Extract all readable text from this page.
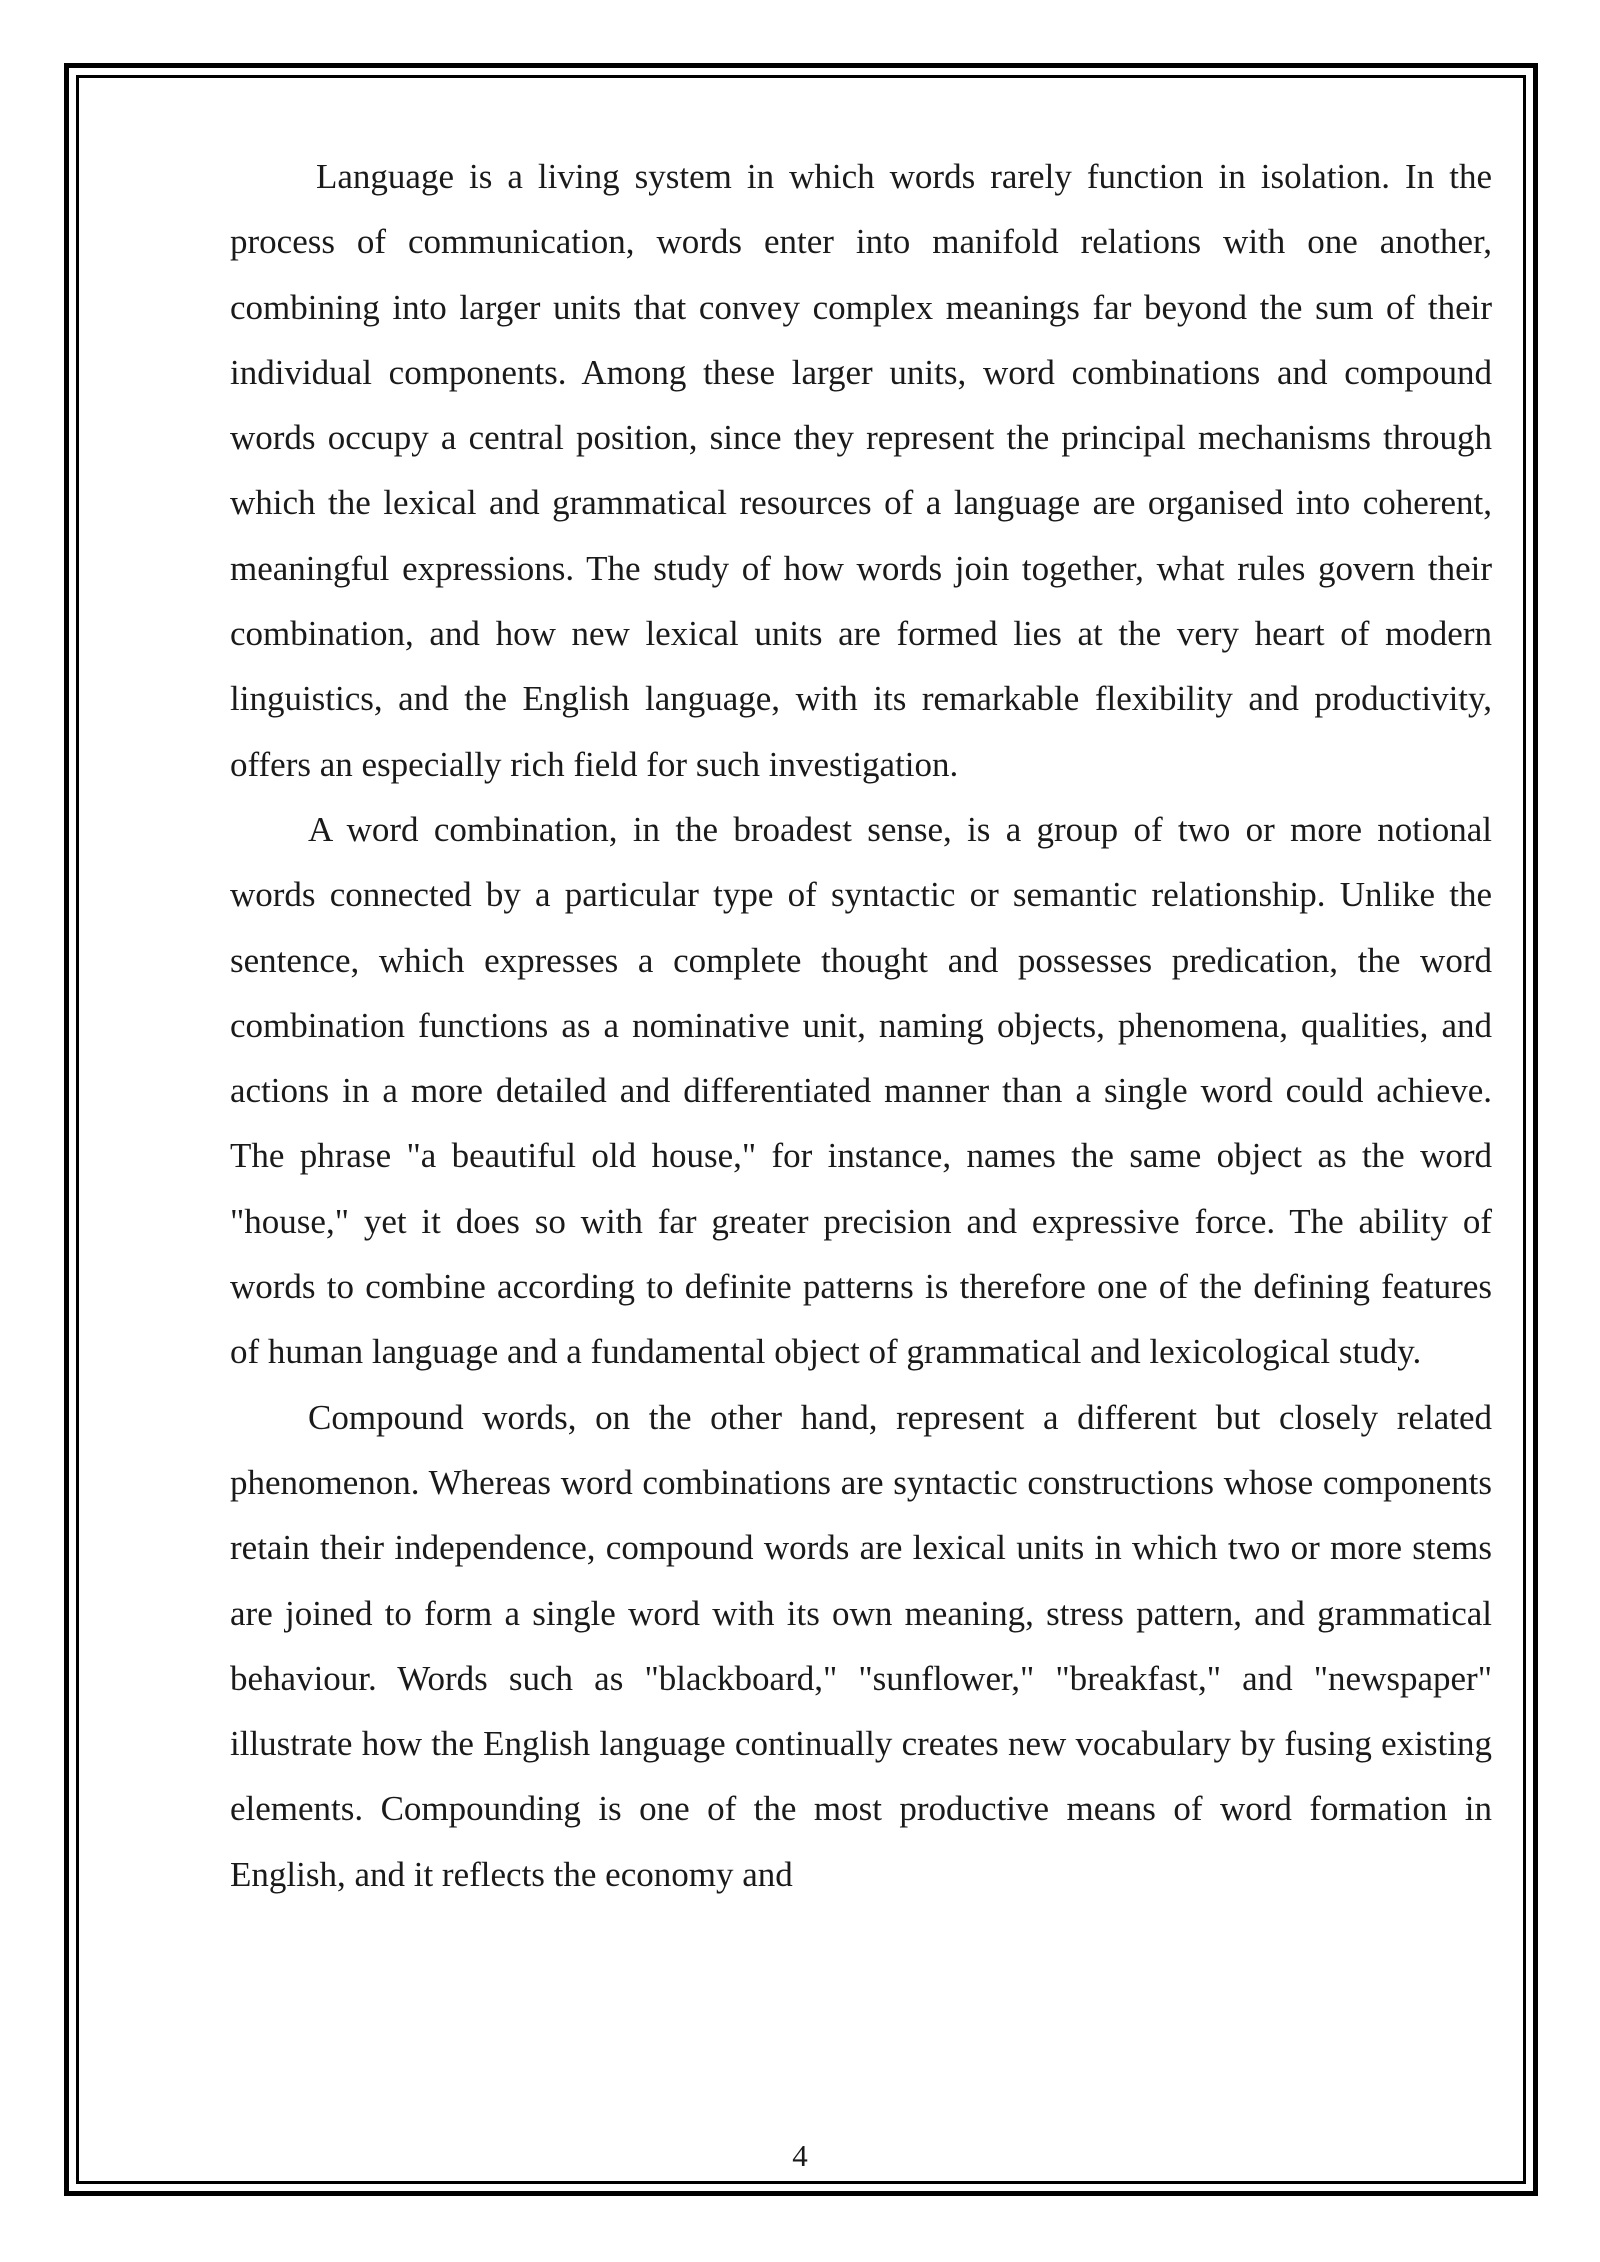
Language is a living system in which words rarely function in isolation. In the process of communication, words enter into manifold relations with one another, combining into larger units that convey complex meanings far beyond the sum of their individual components. Among these larger units, word combinations and compound words occupy a central position, since they represent the principal mechanisms through which the lexical and grammatical resources of a language are organised into coherent, meaningful expressions. The study of how words join together, what rules govern their combination, and how new lexical units are formed lies at the very heart of modern linguistics, and the English language, with its remarkable flexibility and productivity, offers an especially rich field for such investigation.

A word combination, in the broadest sense, is a group of two or more notional words connected by a particular type of syntactic or semantic relationship. Unlike the sentence, which expresses a complete thought and possesses predication, the word combination functions as a nominative unit, naming objects, phenomena, qualities, and actions in a more detailed and differentiated manner than a single word could achieve. The phrase "a beautiful old house," for instance, names the same object as the word "house," yet it does so with far greater precision and expressive force. The ability of words to combine according to definite patterns is therefore one of the defining features of human language and a fundamental object of grammatical and lexicological study.

Compound words, on the other hand, represent a different but closely related phenomenon. Whereas word combinations are syntactic constructions whose components retain their independence, compound words are lexical units in which two or more stems are joined to form a single word with its own meaning, stress pattern, and grammatical behaviour. Words such as "blackboard," "sunflower," "breakfast," and "newspaper" illustrate how the English language continually creates new vocabulary by fusing existing elements. Compounding is one of the most productive means of word formation in English, and it reflects the economy and

4
